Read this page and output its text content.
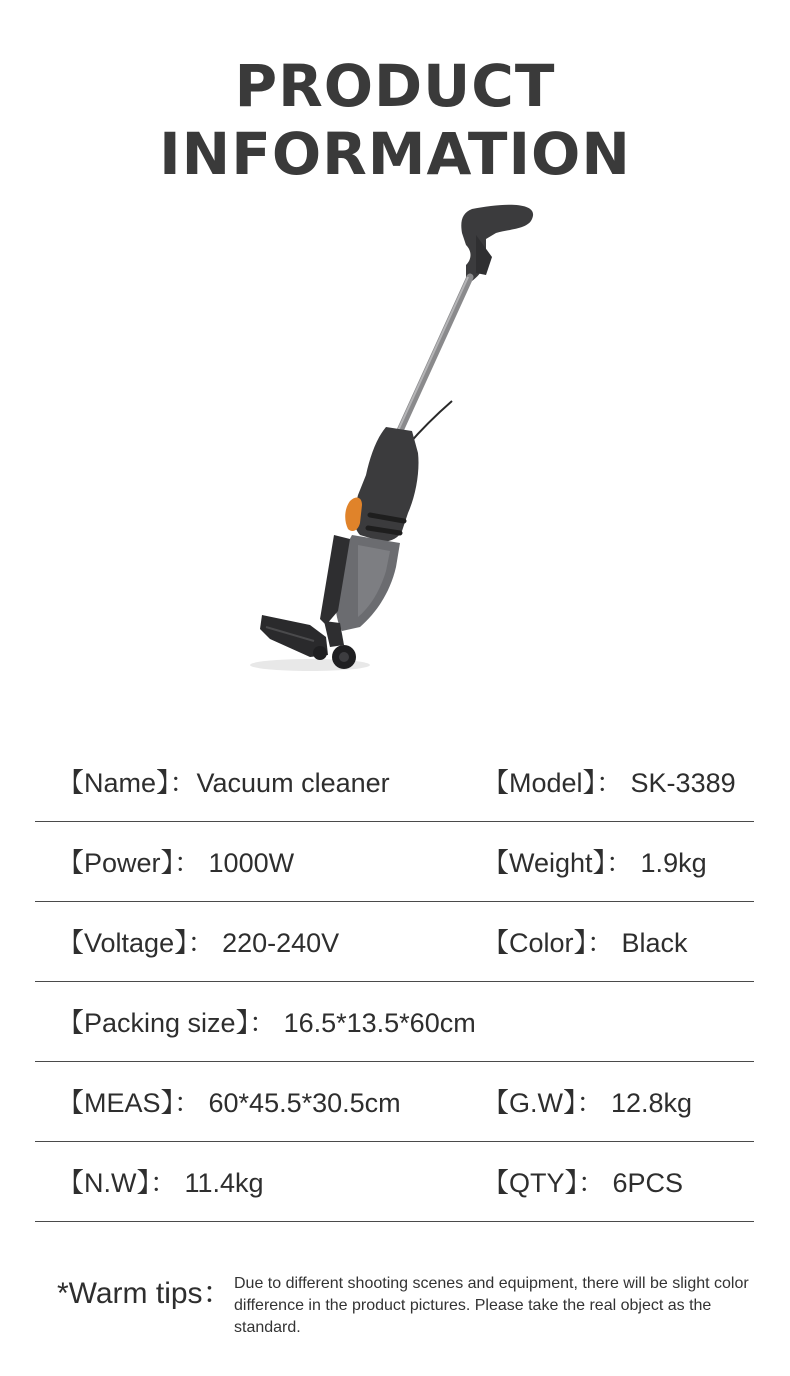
PRODUCT INFORMATION
【Name】：Vacuum cleaner	【Model】： SK-3389
【Power】： 1000W	【Weight】： 1.9kg
【Voltage】： 220-240V	【Color】： Black
【Packing size】： 16.5*13.5*60cm
【MEAS】： 60*45.5*30.5cm	【G.W】： 12.8kg
【N.W】： 11.4kg	【QTY】： 6PCS
*Warm tips： Due to different shooting scenes and equipment, there will be slight color difference in the product pictures. Please take the real object as the standard.
